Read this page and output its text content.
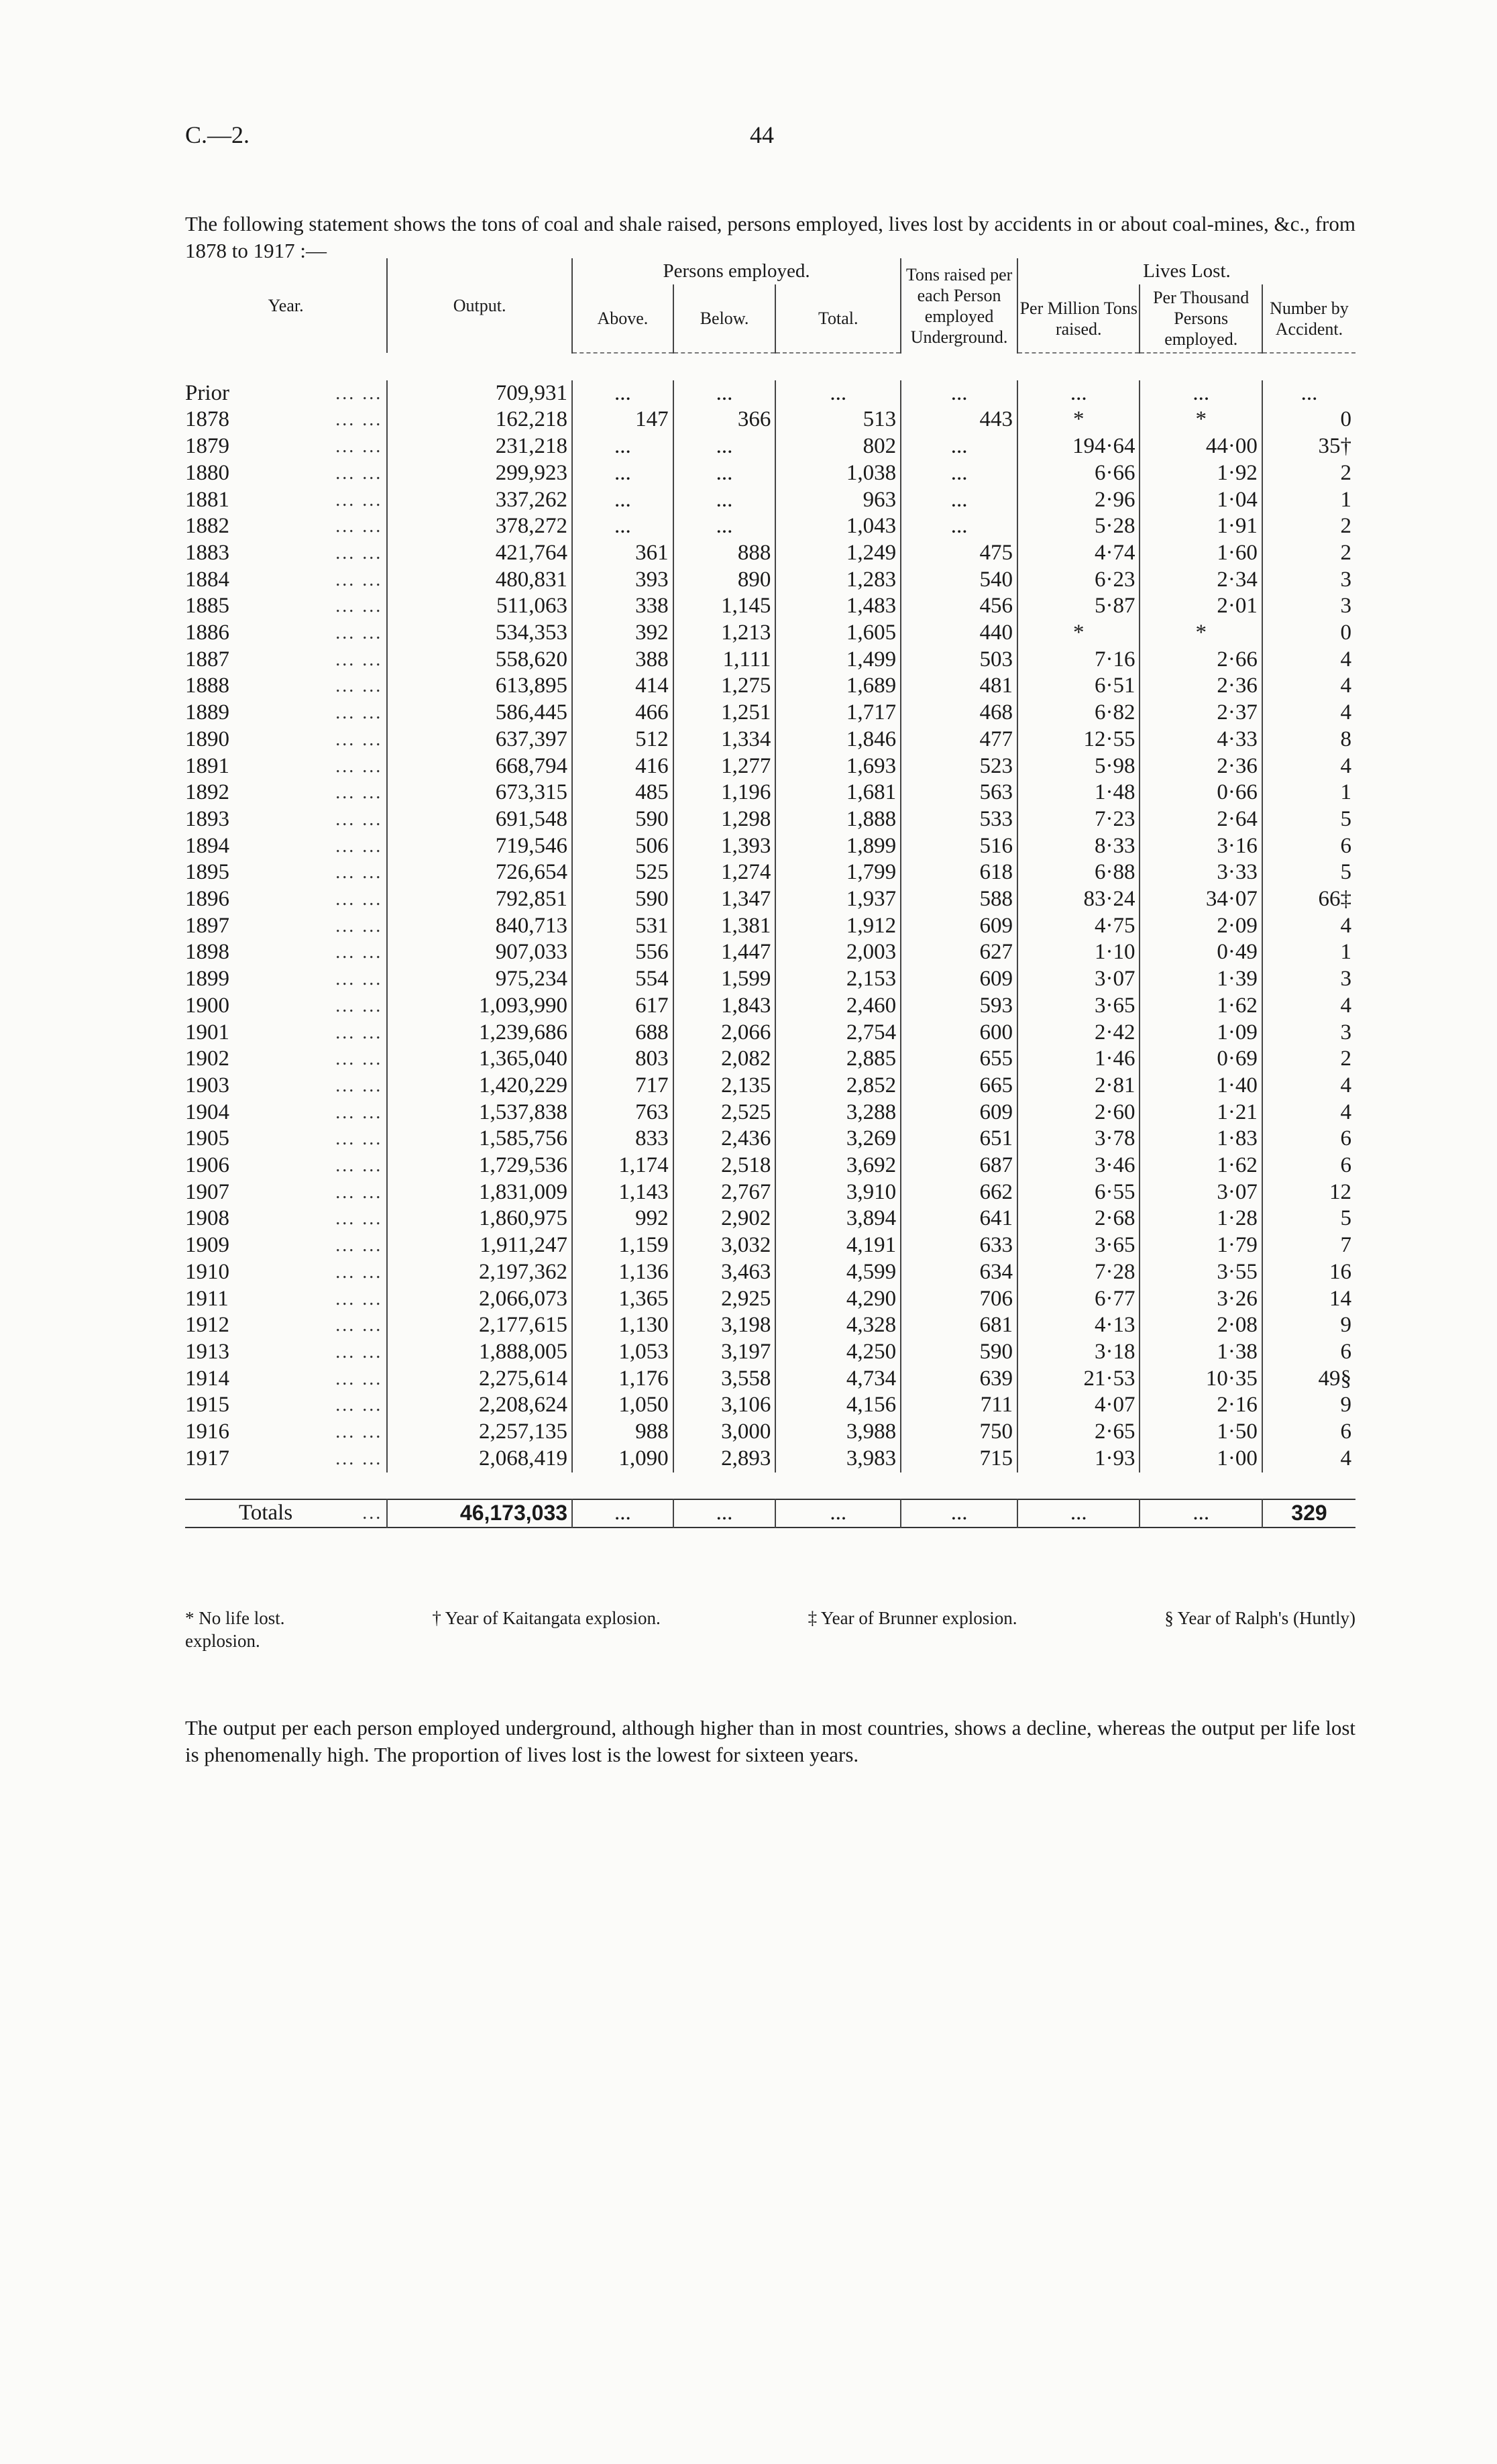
C.—2.	44

The following statement shows the tons of coal and shale raised, persons employed, lives lost by accidents in or about coal-mines, &c., from 1878 to 1917 :—

Year.		Output.	Persons employed.			Tons raised per each Person employed Underground.	Lives Lost.		
			Above.	Below.	Total.		Per Million Tons raised.	Per Thousand Persons employed.	Number by Accident.

Prior	... ...	709,931	...	...	...	...	...	...	...
1878	... ...	162,218	147	366	513	443	*	*	0
1879	... ...	231,218	...	...	802	...	194·64	44·00	35†
1880	... ...	299,923	...	...	1,038	...	6·66	1·92	2
1881	... ...	337,262	...	...	963	...	2·96	1·04	1
1882	... ...	378,272	...	...	1,043	...	5·28	1·91	2
1883	... ...	421,764	361	888	1,249	475	4·74	1·60	2
1884	... ...	480,831	393	890	1,283	540	6·23	2·34	3
1885	... ...	511,063	338	1,145	1,483	456	5·87	2·01	3
1886	... ...	534,353	392	1,213	1,605	440	*	*	0
1887	... ...	558,620	388	1,111	1,499	503	7·16	2·66	4
1888	... ...	613,895	414	1,275	1,689	481	6·51	2·36	4
1889	... ...	586,445	466	1,251	1,717	468	6·82	2·37	4
1890	... ...	637,397	512	1,334	1,846	477	12·55	4·33	8
1891	... ...	668,794	416	1,277	1,693	523	5·98	2·36	4
1892	... ...	673,315	485	1,196	1,681	563	1·48	0·66	1
1893	... ...	691,548	590	1,298	1,888	533	7·23	2·64	5
1894	... ...	719,546	506	1,393	1,899	516	8·33	3·16	6
1895	... ...	726,654	525	1,274	1,799	618	6·88	3·33	5
1896	... ...	792,851	590	1,347	1,937	588	83·24	34·07	66‡
1897	... ...	840,713	531	1,381	1,912	609	4·75	2·09	4
1898	... ...	907,033	556	1,447	2,003	627	1·10	0·49	1
1899	... ...	975,234	554	1,599	2,153	609	3·07	1·39	3
1900	... ...	1,093,990	617	1,843	2,460	593	3·65	1·62	4
1901	... ...	1,239,686	688	2,066	2,754	600	2·42	1·09	3
1902	... ...	1,365,040	803	2,082	2,885	655	1·46	0·69	2
1903	... ...	1,420,229	717	2,135	2,852	665	2·81	1·40	4
1904	... ...	1,537,838	763	2,525	3,288	609	2·60	1·21	4
1905	... ...	1,585,756	833	2,436	3,269	651	3·78	1·83	6
1906	... ...	1,729,536	1,174	2,518	3,692	687	3·46	1·62	6
1907	... ...	1,831,009	1,143	2,767	3,910	662	6·55	3·07	12
1908	... ...	1,860,975	992	2,902	3,894	641	2·68	1·28	5
1909	... ...	1,911,247	1,159	3,032	4,191	633	3·65	1·79	7
1910	... ...	2,197,362	1,136	3,463	4,599	634	7·28	3·55	16
1911	... ...	2,066,073	1,365	2,925	4,290	706	6·77	3·26	14
1912	... ...	2,177,615	1,130	3,198	4,328	681	4·13	2·08	9
1913	... ...	1,888,005	1,053	3,197	4,250	590	3·18	1·38	6
1914	... ...	2,275,614	1,176	3,558	4,734	639	21·53	10·35	49§
1915	... ...	2,208,624	1,050	3,106	4,156	711	4·07	2·16	9
1916	... ...	2,257,135	988	3,000	3,988	750	2·65	1·50	6
1917	... ...	2,068,419	1,090	2,893	3,983	715	1·93	1·00	4

Totals ...		46,173,033	...	...	...	...	...	...	329
* No life lost.	† Year of Kaitangata explosion.	‡ Year of Brunner explosion.	§ Year of Ralph's (Huntly)
explosion.

The output per each person employed underground, although higher than in most countries, shows a decline, whereas the output per life lost is phenomenally high. The proportion of lives lost is the lowest for sixteen years.
